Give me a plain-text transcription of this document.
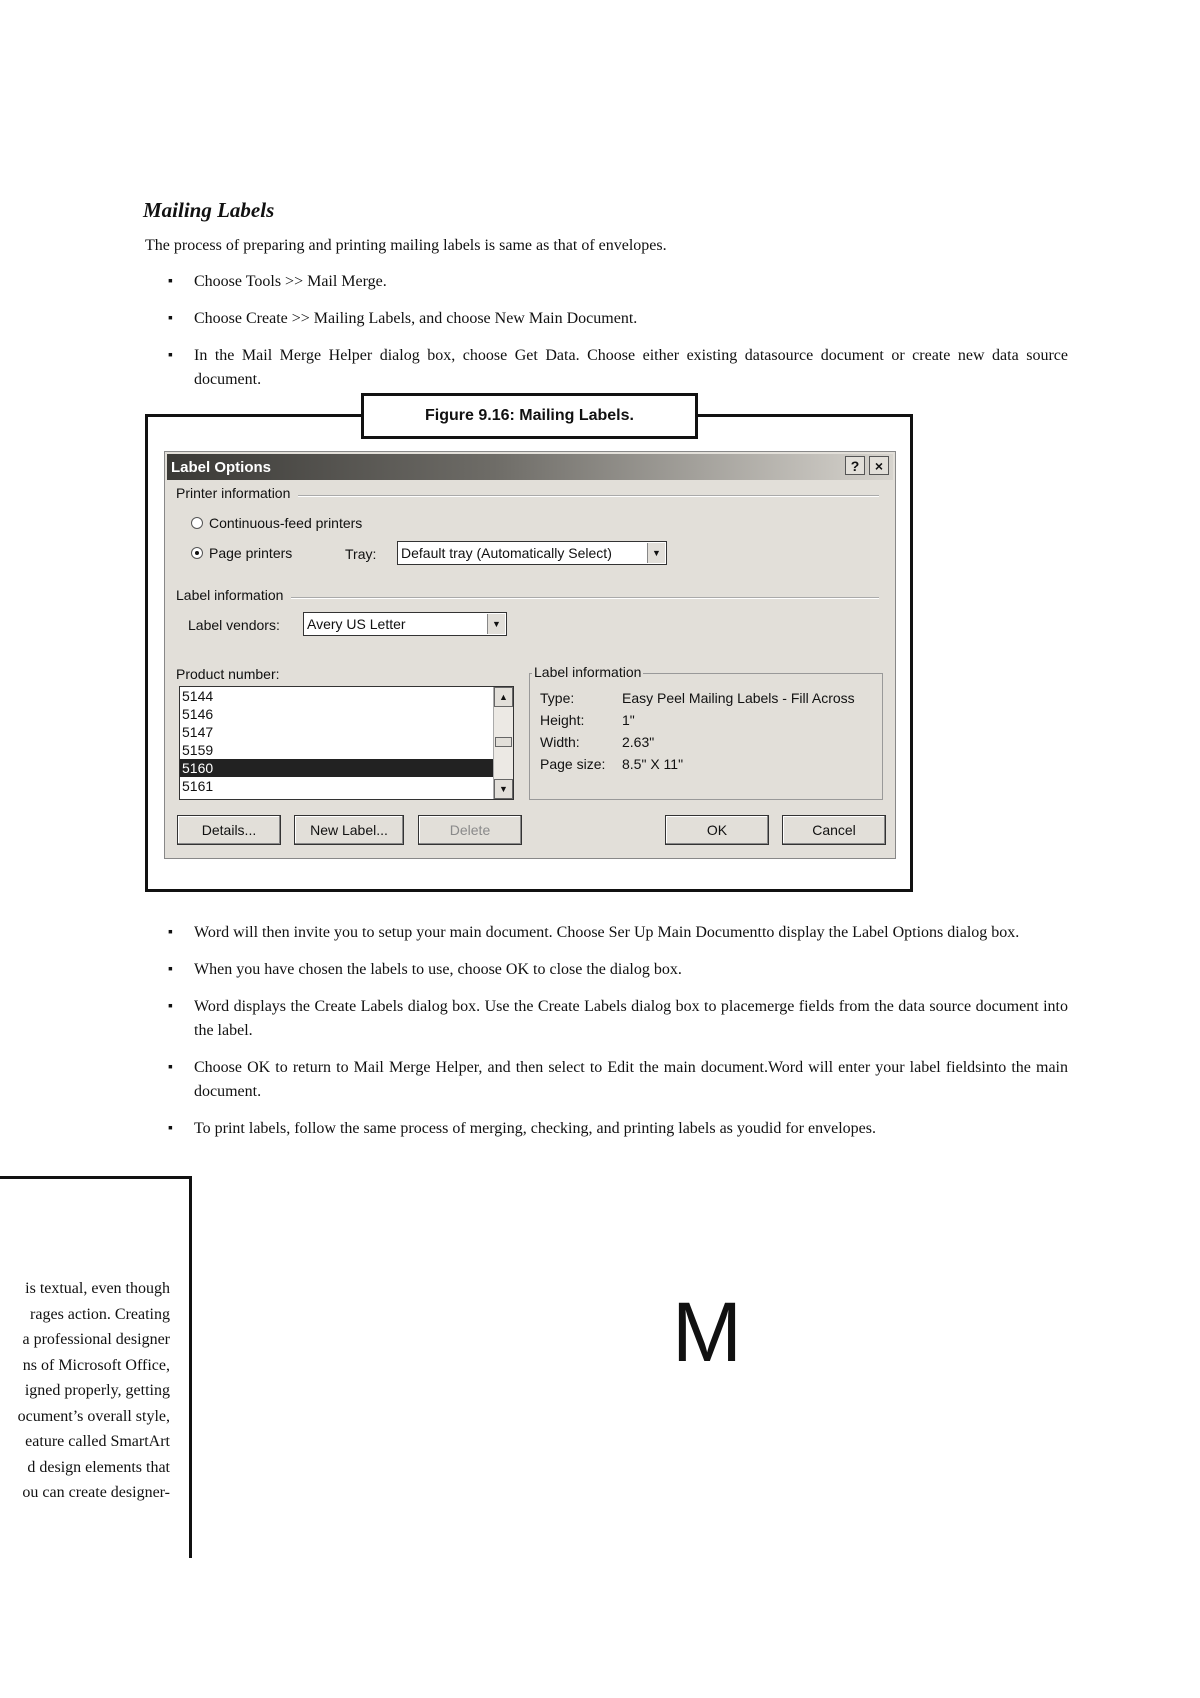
Mailing Labels
The process of preparing and printing mailing labels is same as that of envelopes.
▪ Choose Tools >> Mail Merge.
▪ Choose Create >> Mailing Labels, and choose New Main Document.
▪ In the Mail Merge Helper dialog box, choose Get Data. Choose either existing datasource document or create new data source document.
Figure 9.16: Mailing Labels.
Label Options	?	×
Printer information
Continuous-feed printers
Page printers	Tray: Default tray (Automatically Select)	▼
Label information
Label vendors: Avery US Letter	▼
Product number:
5144
5146
5147
5159
5160
5161
▲
▼
Label information
Type:	Easy Peel Mailing Labels - Fill Across
Height:	1"
Width:	2.63"
Page size:	8.5" X 11"
Details...	New Label...	Delete	OK	Cancel
▪ Word will then invite you to setup your main document. Choose Ser Up Main Documentto display the Label Options dialog box.
▪ When you have chosen the labels to use, choose OK to close the dialog box.
▪ Word displays the Create Labels dialog box. Use the Create Labels dialog box to placemerge fields from the data source document into the label.
▪ Choose OK to return to Mail Merge Helper, and then select to Edit the main document.Word will enter your label fieldsinto the main document.
▪ To print labels, follow the same process of merging, checking, and printing labels as youdid for envelopes.
is textual, even though
rages action. Creating
a professional designer
ns of Microsoft Office,
igned properly, getting
ocument’s overall style,
eature called SmartArt
d design elements that
ou can create designer-
M
